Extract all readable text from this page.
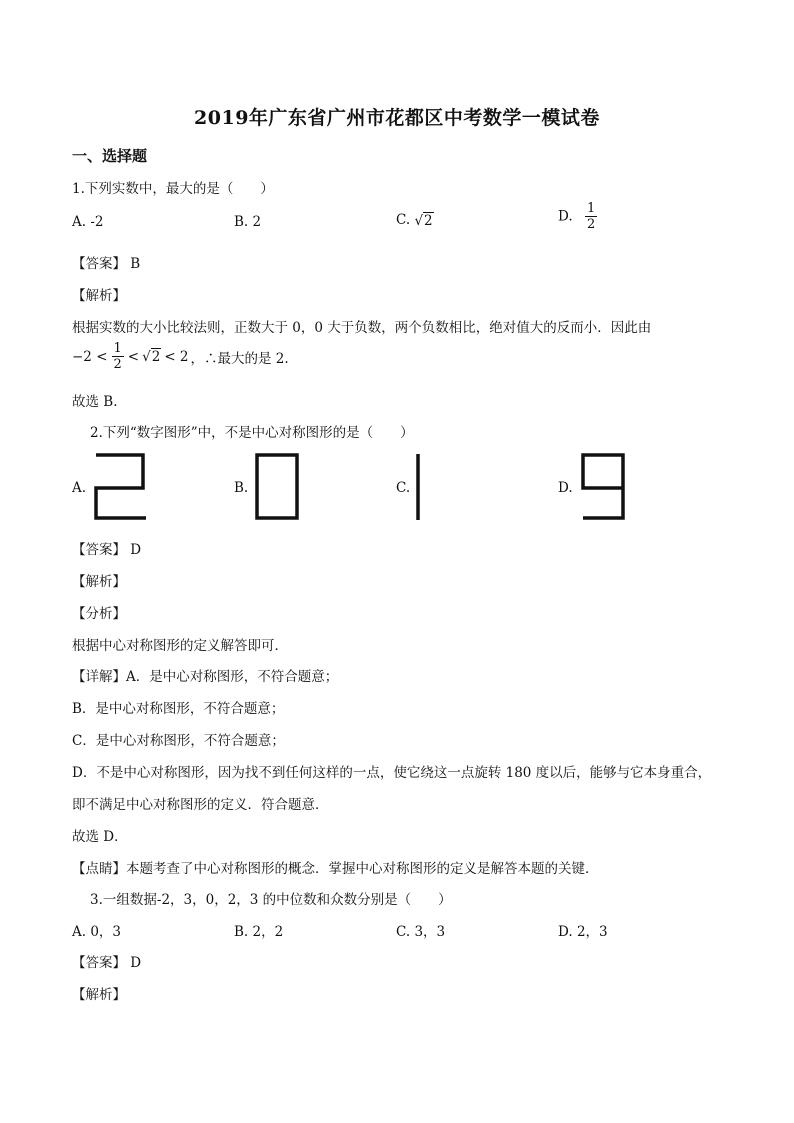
2019年广东省广州市花都区中考数学一模试卷
一、选择题
1.下列实数中，最大的是（　　）
A. -2	B. 2	C. √2	D. $\frac{1}{2}$
【答案】 B
【解析】
根据实数的大小比较法则，正数大于 0，0 大于负数，两个负数相比，绝对值大的反而小．因此由
$-2 < \frac{1}{2} < √2 < 2$ ，∴最大的是 2.
故选 B.
2.下列“数字图形”中，不是中心对称图形的是（　　）
A.	B.	C.	D.
【答案】 D
【解析】
【分析】
根据中心对称图形的定义解答即可．
【详解】A．是中心对称图形，不符合题意；
B．是中心对称图形，不符合题意；
C．是中心对称图形，不符合题意；
D．不是中心对称图形，因为找不到任何这样的一点，使它绕这一点旋转 180 度以后，能够与它本身重合，
即不满足中心对称图形的定义．符合题意．
故选 D．
【点睛】本题考查了中心对称图形的概念．掌握中心对称图形的定义是解答本题的关键．
3.一组数据-2，3，0，2，3 的中位数和众数分别是（　　）
A. 0，3	B. 2，2	C. 3，3	D. 2，3
【答案】 D
【解析】
